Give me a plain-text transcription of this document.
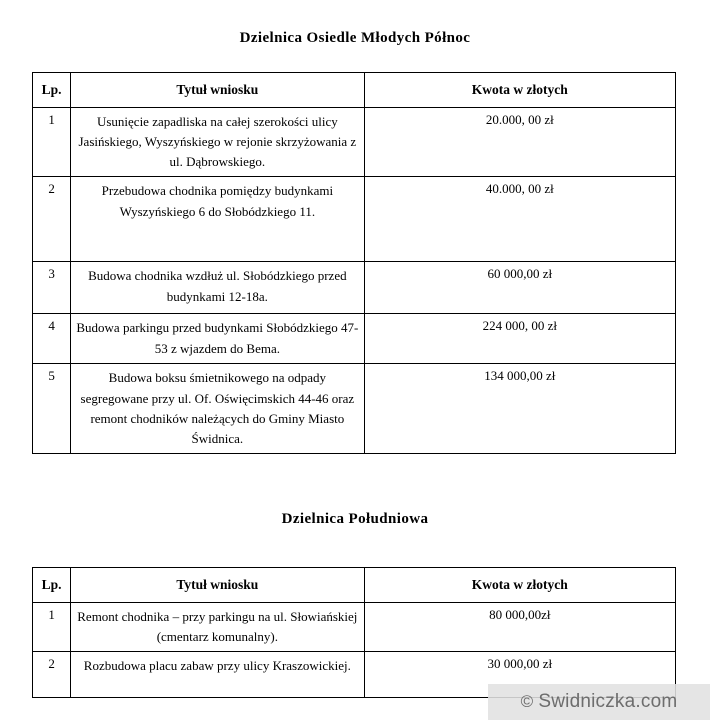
Dzielnica Osiedle Młodych Północ
Lp.	Tytuł wniosku	Kwota w złotych
1	Usunięcie zapadliska na całej szerokości ulicy Jasińskiego, Wyszyńskiego w rejonie skrzyżowania z ul. Dąbrowskiego.	20.000, 00 zł
2	Przebudowa chodnika pomiędzy budynkami Wyszyńskiego 6 do Słobódzkiego 11.	40.000, 00 zł
3	Budowa chodnika wzdłuż ul. Słobódzkiego przed budynkami 12-18a.	60 000,00 zł
4	Budowa parkingu przed budynkami Słobódzkiego 47-53 z wjazdem do Bema.	224 000, 00 zł
5	Budowa boksu śmietnikowego na odpady segregowane przy ul. Of. Oświęcimskich 44-46 oraz remont chodników należących do Gminy Miasto Świdnica.	134 000,00 zł
Dzielnica Południowa
Lp.	Tytuł wniosku	Kwota w złotych
1	Remont chodnika – przy parkingu na ul. Słowiańskiej (cmentarz komunalny).	80 000,00zł
2	Rozbudowa placu zabaw przy ulicy Kraszowickiej.	30 000,00 zł
© Swidniczka.com
